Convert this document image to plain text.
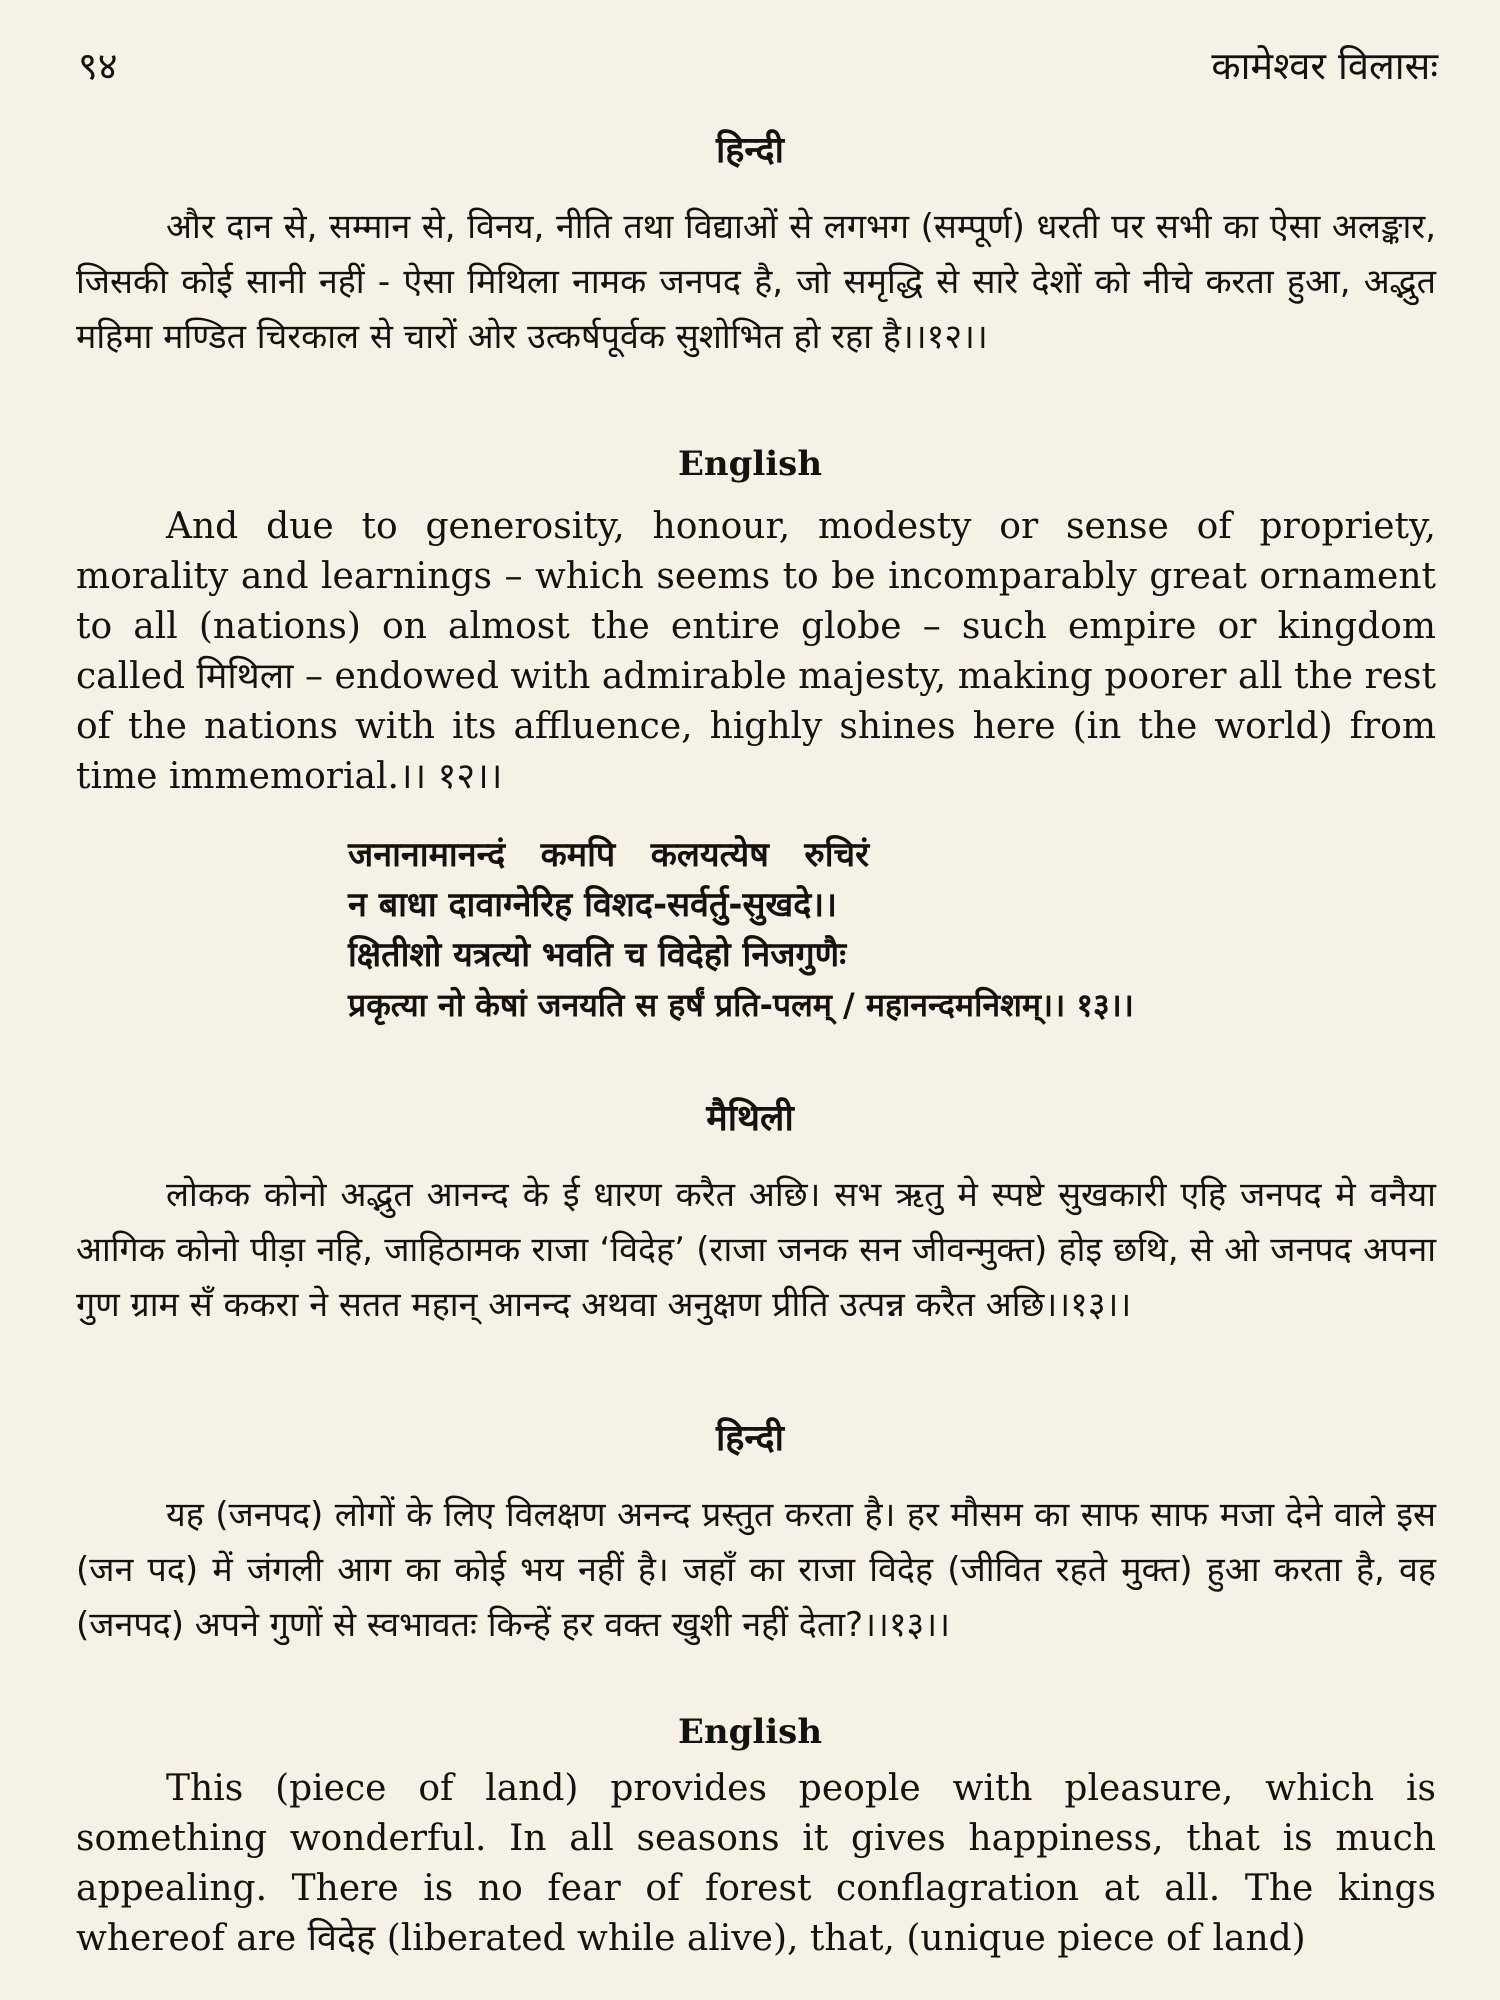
९४	कामेश्वर विलासः
हिन्दी

और दान से, सम्मान से, विनय, नीति तथा विद्याओं से लगभग (सम्पूर्ण) धरती पर सभी का ऐसा अलङ्कार, जिसकी कोई सानी नहीं - ऐसा मिथिला नामक जनपद है, जो समृद्धि से सारे देशों को नीचे करता हुआ, अद्भुत महिमा मण्डित चिरकाल से चारों ओर उत्कर्षपूर्वक सुशोभित हो रहा है।।१२।।

English

And due to generosity, honour, modesty or sense of propriety, morality and learnings – which seems to be incomparably great ornament to all (nations) on almost the entire globe – such empire or kingdom called मिथिला – endowed with admirable majesty, making poorer all the rest of the nations with its affluence, highly shines here (in the world) from time immemorial.।। १२।।

जनानामानन्दं   कमपि   कलयत्येष   रुचिरं
न बाधा दावाग्नेरिह विशद-सर्वर्तु-सुखदे।।
क्षितीशो यत्रत्यो भवति च विदेहो निजगुणैः
प्रकृत्या नो केषां जनयति स हर्षं प्रति-पलम् / महानन्दमनिशम्।। १३।।
मैथिली

लोकक कोनो अद्भुत आनन्द के ई धारण करैत अछि। सभ ऋतु मे स्पष्टे सुखकारी एहि जनपद मे वनैया आगिक कोनो पीड़ा नहि, जाहिठामक राजा ‘विदेह’ (राजा जनक सन जीवन्मुक्त) होइ छथि, से ओ जनपद अपना गुण ग्राम सँ ककरा ने सतत महान् आनन्द अथवा अनुक्षण प्रीति उत्पन्न करैत अछि।।१३।।

हिन्दी

यह (जनपद) लोगों के लिए विलक्षण अनन्द प्रस्तुत करता है। हर मौसम का साफ साफ मजा देने वाले इस (जन पद) में जंगली आग का कोई भय नहीं है। जहाँ का राजा विदेह (जीवित रहते मुक्त) हुआ करता है, वह (जनपद) अपने गुणों से स्वभावतः किन्हें हर वक्त खुशी नहीं देता?।।१३।।

English

This (piece of land) provides people with pleasure, which is something wonderful. In all seasons it gives happiness, that is much appealing. There is no fear of forest conflagration at all. The kings whereof are विदेह (liberated while alive), that, (unique piece of land)
